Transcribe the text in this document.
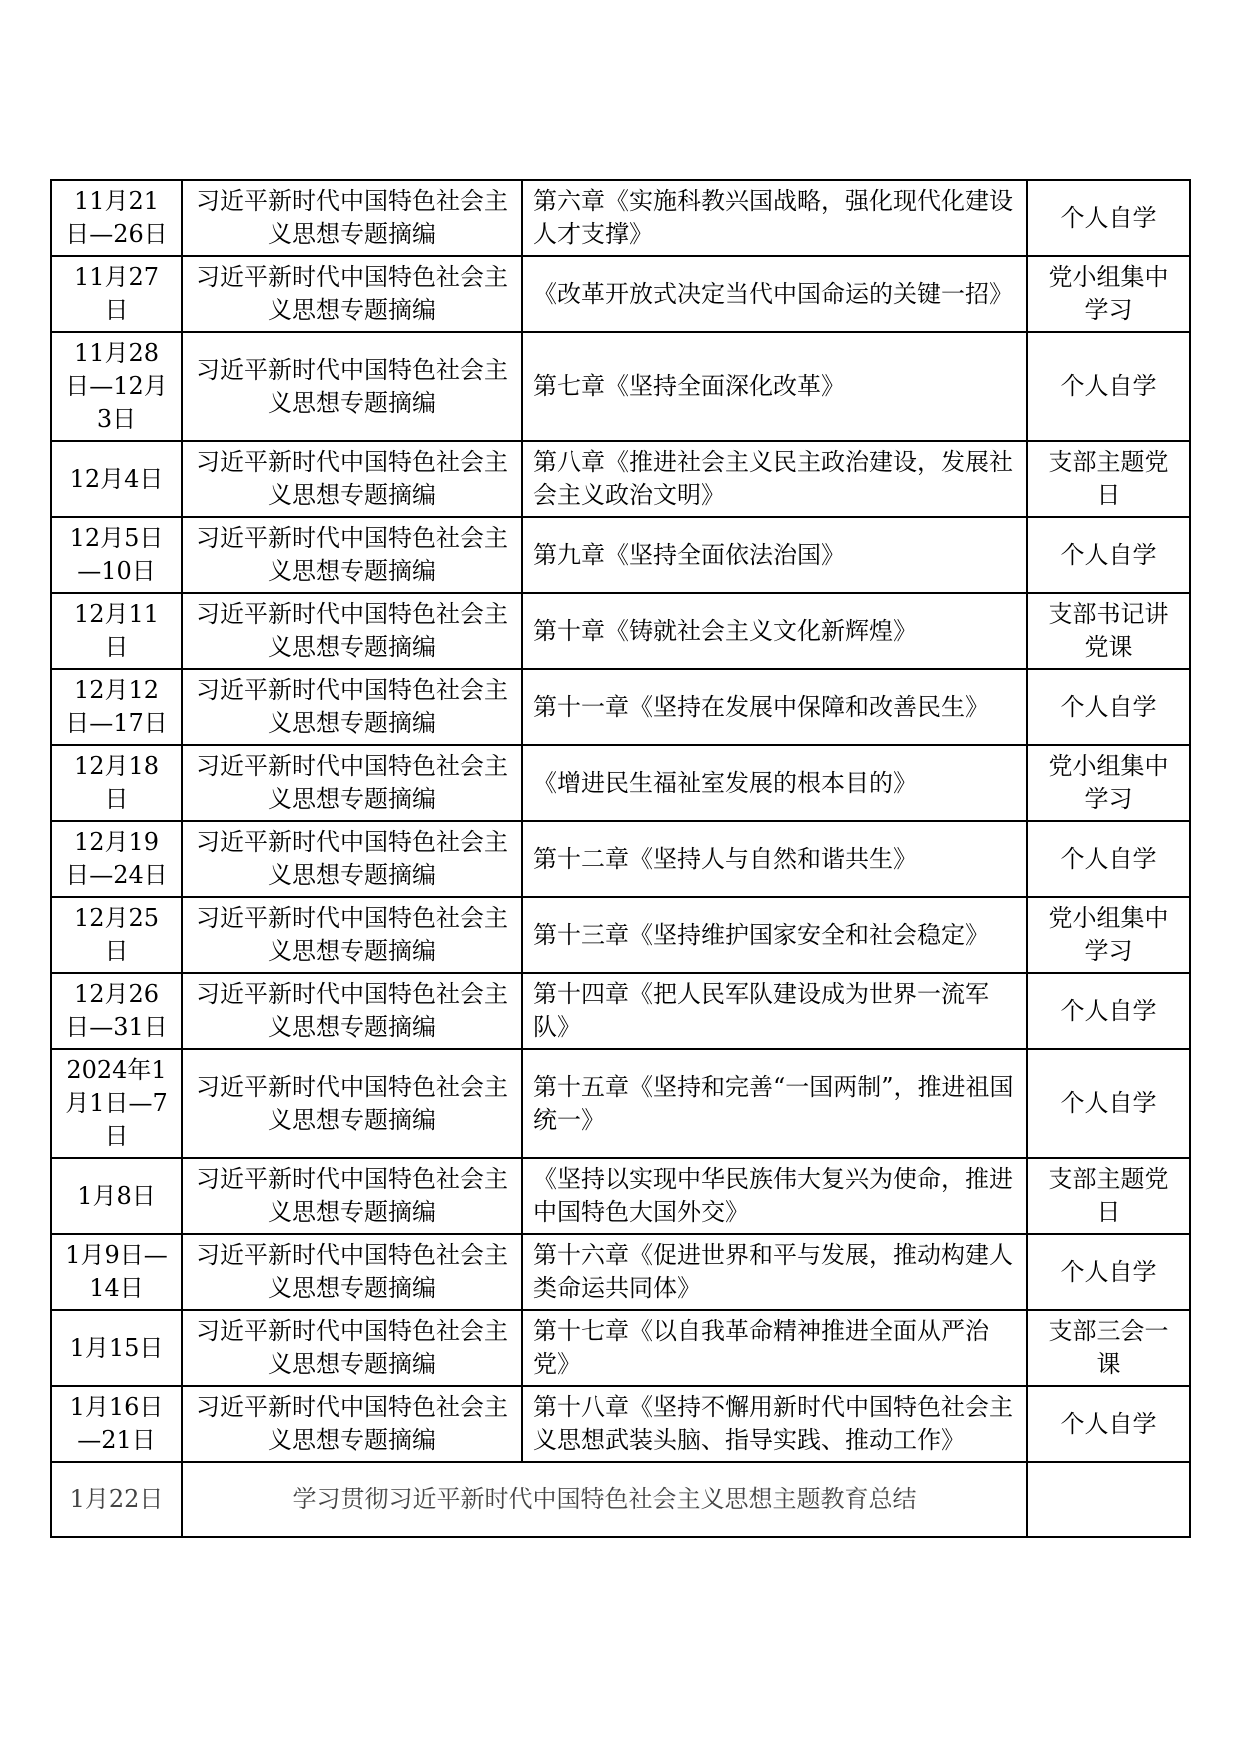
11月21日—26日	习近平新时代中国特色社会主义思想专题摘编	第六章《实施科教兴国战略，强化现代化建设人才支撑》	个人自学
11月27日	习近平新时代中国特色社会主义思想专题摘编	《改革开放式决定当代中国命运的关键一招》	党小组集中学习
11月28日—12月3日	习近平新时代中国特色社会主义思想专题摘编	第七章《坚持全面深化改革》	个人自学
12月4日	习近平新时代中国特色社会主义思想专题摘编	第八章《推进社会主义民主政治建设，发展社会主义政治文明》	支部主题党日
12月5日—10日	习近平新时代中国特色社会主义思想专题摘编	第九章《坚持全面依法治国》	个人自学
12月11日	习近平新时代中国特色社会主义思想专题摘编	第十章《铸就社会主义文化新辉煌》	支部书记讲党课
12月12日—17日	习近平新时代中国特色社会主义思想专题摘编	第十一章《坚持在发展中保障和改善民生》	个人自学
12月18日	习近平新时代中国特色社会主义思想专题摘编	《增进民生福祉室发展的根本目的》	党小组集中学习
12月19日—24日	习近平新时代中国特色社会主义思想专题摘编	第十二章《坚持人与自然和谐共生》	个人自学
12月25日	习近平新时代中国特色社会主义思想专题摘编	第十三章《坚持维护国家安全和社会稳定》	党小组集中学习
12月26日—31日	习近平新时代中国特色社会主义思想专题摘编	第十四章《把人民军队建设成为世界一流军队》	个人自学
2024年1月1日—7日	习近平新时代中国特色社会主义思想专题摘编	第十五章《坚持和完善“一国两制”，推进祖国统一》	个人自学
1月8日	习近平新时代中国特色社会主义思想专题摘编	《坚持以实现中华民族伟大复兴为使命，推进中国特色大国外交》	支部主题党日
1月9日—14日	习近平新时代中国特色社会主义思想专题摘编	第十六章《促进世界和平与发展，推动构建人类命运共同体》	个人自学
1月15日	习近平新时代中国特色社会主义思想专题摘编	第十七章《以自我革命精神推进全面从严治党》	支部三会一课
1月16日—21日	习近平新时代中国特色社会主义思想专题摘编	第十八章《坚持不懈用新时代中国特色社会主义思想武装头脑、指导实践、推动工作》	个人自学
1月22日	学习贯彻习近平新时代中国特色社会主义思想主题教育总结		
